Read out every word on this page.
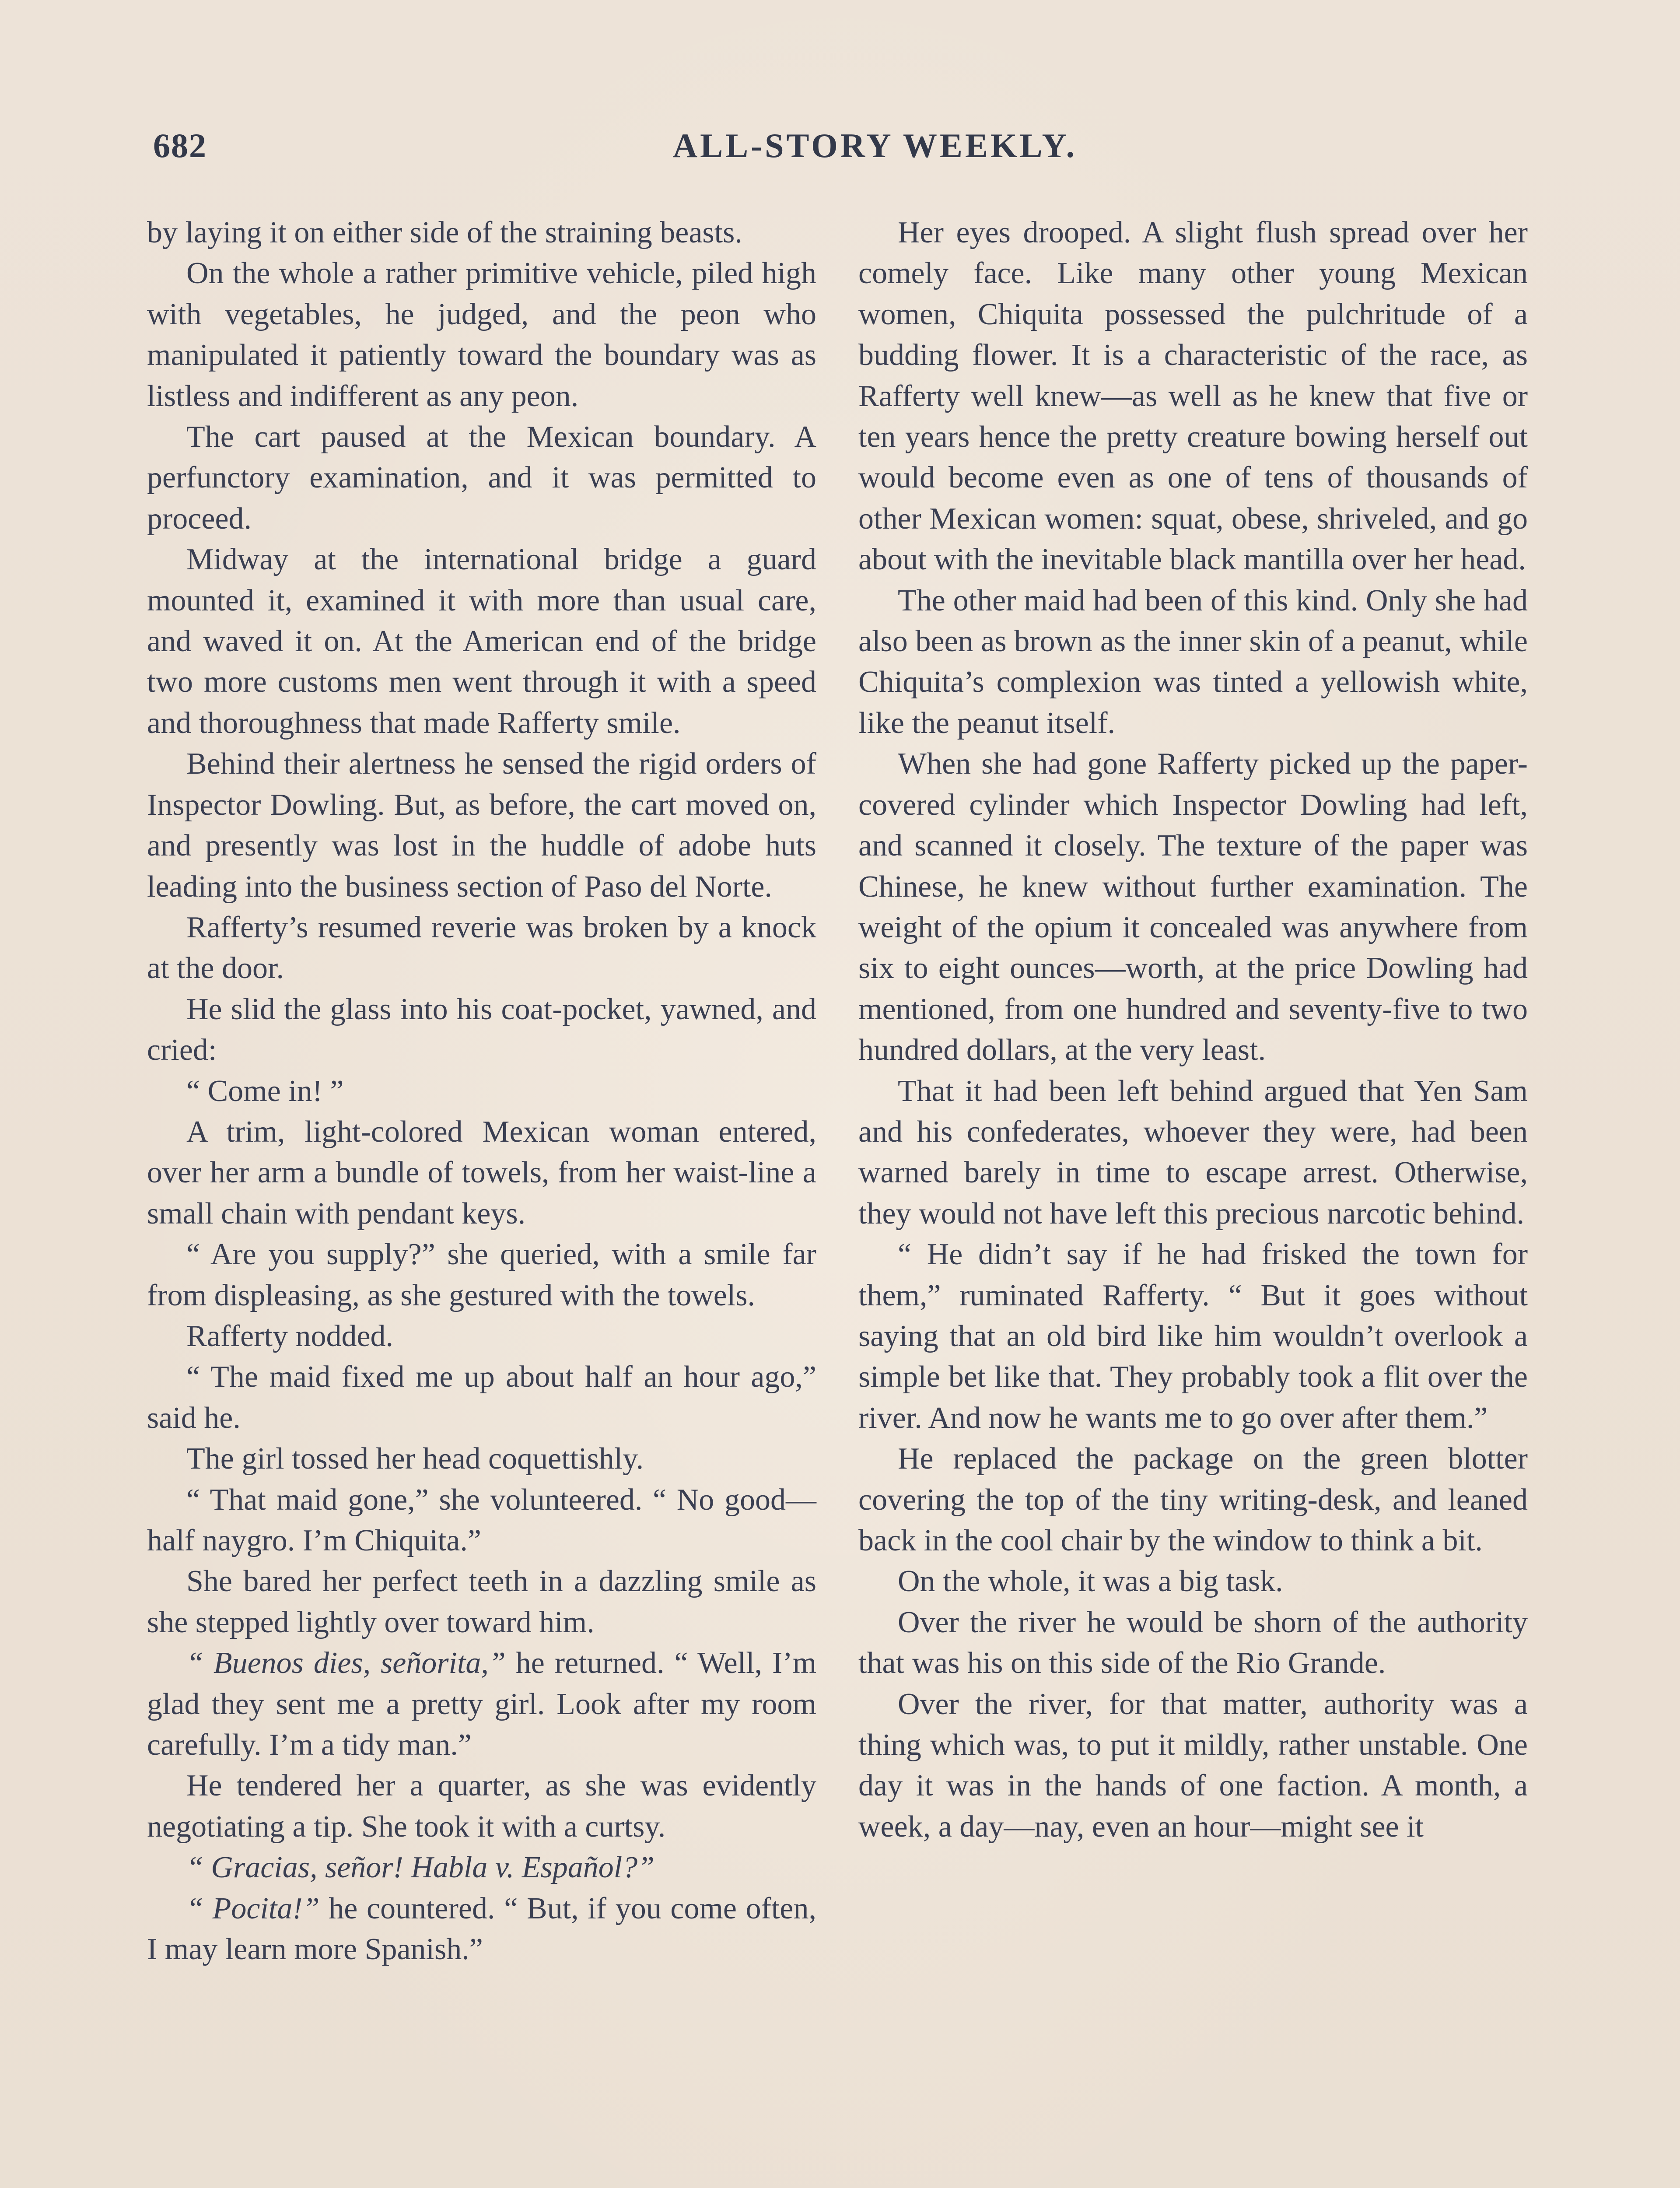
682	ALL-STORY WEEKLY.

by laying it on either side of the straining beasts.

On the whole a rather primitive vehicle, piled high with vegetables, he judged, and the peon who manipulated it patiently toward the boundary was as listless and indifferent as any peon.

The cart paused at the Mexican boundary. A perfunctory examination, and it was permitted to proceed.

Midway at the international bridge a guard mounted it, examined it with more than usual care, and waved it on. At the American end of the bridge two more customs men went through it with a speed and thoroughness that made Rafferty smile.

Behind their alertness he sensed the rigid orders of Inspector Dowling. But, as before, the cart moved on, and presently was lost in the huddle of adobe huts leading into the business section of Paso del Norte.

Rafferty’s resumed reverie was broken by a knock at the door.

He slid the glass into his coat-pocket, yawned, and cried:

“ Come in! ”

A trim, light-colored Mexican woman entered, over her arm a bundle of towels, from her waist-line a small chain with pendant keys.

“ Are you supply?” she queried, with a smile far from displeasing, as she gestured with the towels.

Rafferty nodded.

“ The maid fixed me up about half an hour ago,” said he.

The girl tossed her head coquettishly.

“ That maid gone,” she volunteered. “ No good—half naygro. I’m Chiquita.”

She bared her perfect teeth in a dazzling smile as she stepped lightly over toward him.

“ Buenos dies, señorita,” he returned. “ Well, I’m glad they sent me a pretty girl. Look after my room carefully. I’m a tidy man.”

He tendered her a quarter, as she was evidently negotiating a tip. She took it with a curtsy.

“ Gracias, señor! Habla v. Español?”

“ Pocita!” he countered. “ But, if you come often, I may learn more Spanish.”

Her eyes drooped. A slight flush spread over her comely face. Like many other young Mexican women, Chiquita possessed the pulchritude of a budding flower. It is a characteristic of the race, as Rafferty well knew—as well as he knew that five or ten years hence the pretty creature bowing herself out would become even as one of tens of thousands of other Mexican women: squat, obese, shriveled, and go about with the inevitable black mantilla over her head.

The other maid had been of this kind. Only she had also been as brown as the inner skin of a peanut, while Chiquita’s complexion was tinted a yellowish white, like the peanut itself.

When she had gone Rafferty picked up the paper-covered cylinder which Inspector Dowling had left, and scanned it closely. The texture of the paper was Chinese, he knew without further examination. The weight of the opium it concealed was anywhere from six to eight ounces—worth, at the price Dowling had mentioned, from one hundred and seventy-five to two hundred dollars, at the very least.

That it had been left behind argued that Yen Sam and his confederates, whoever they were, had been warned barely in time to escape arrest. Otherwise, they would not have left this precious narcotic behind.

“ He didn’t say if he had frisked the town for them,” ruminated Rafferty. “ But it goes without saying that an old bird like him wouldn’t overlook a simple bet like that. They probably took a flit over the river. And now he wants me to go over after them.”

He replaced the package on the green blotter covering the top of the tiny writing-desk, and leaned back in the cool chair by the window to think a bit.

On the whole, it was a big task.

Over the river he would be shorn of the authority that was his on this side of the Rio Grande.

Over the river, for that matter, authority was a thing which was, to put it mildly, rather unstable. One day it was in the hands of one faction. A month, a week, a day—nay, even an hour—might see it
